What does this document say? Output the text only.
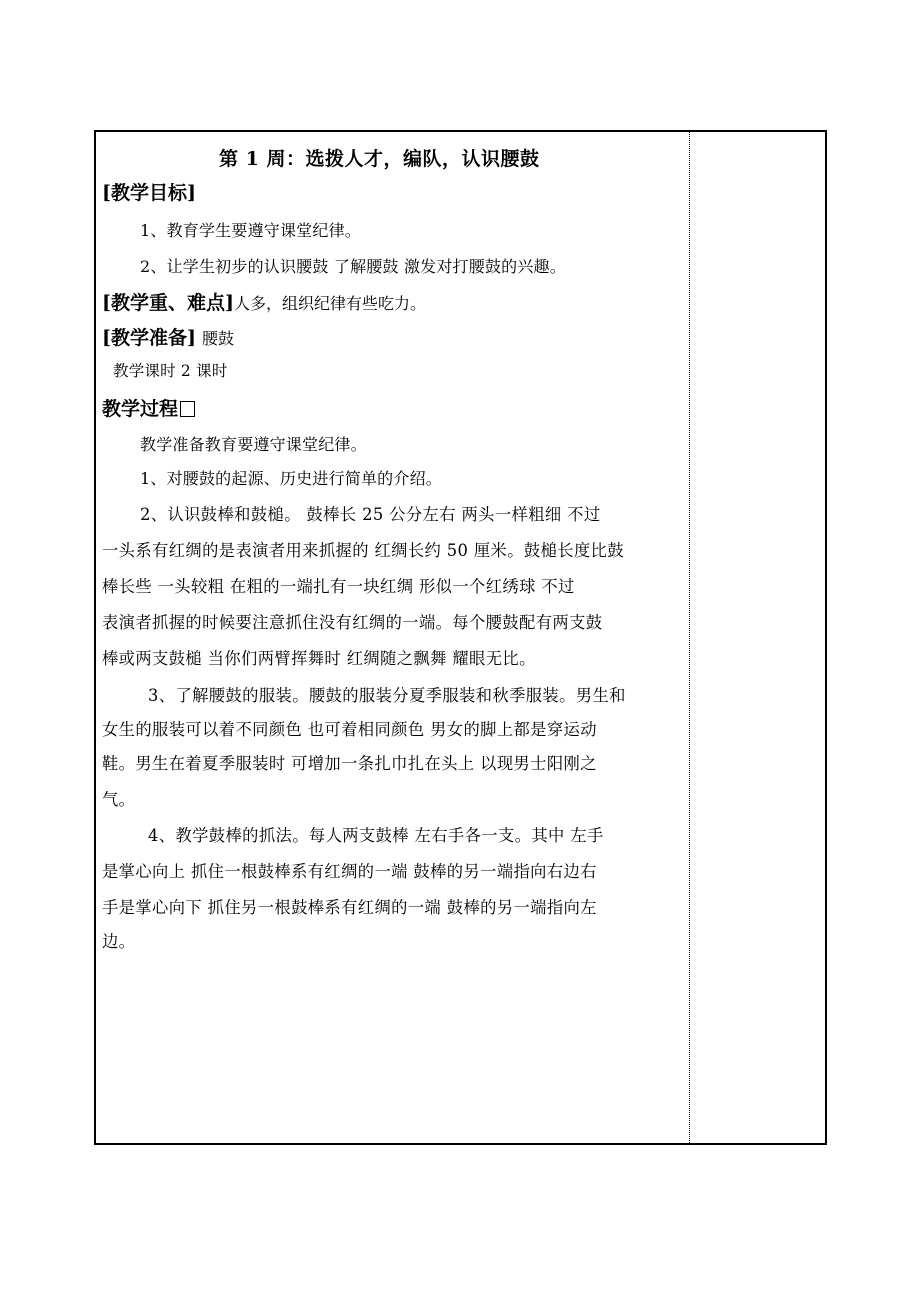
第 1 周：选拨人才，编队，认识腰鼓
[教学目标]
1、教育学生要遵守课堂纪律。
2、让学生初步的认识腰鼓 了解腰鼓 激发对打腰鼓的兴趣。
[教学重、难点]人多，组织纪律有些吃力。
[教学准备] 腰鼓
教学课时 2 课时
教学过程
教学准备教育要遵守课堂纪律。
1、对腰鼓的起源、历史进行简单的介绍。
2、认识鼓棒和鼓槌。 鼓棒长 25 公分左右 两头一样粗细 不过
一头系有红绸的是表演者用来抓握的 红绸长约 50 厘米。鼓槌长度比鼓
棒长些 一头较粗 在粗的一端扎有一块红绸 形似一个红绣球 不过
表演者抓握的时候要注意抓住没有红绸的一端。每个腰鼓配有两支鼓
棒或两支鼓槌 当你们两臂挥舞时 红绸随之飘舞 耀眼无比。
3、了解腰鼓的服装。腰鼓的服装分夏季服装和秋季服装。男生和
女生的服装可以着不同颜色 也可着相同颜色 男女的脚上都是穿运动
鞋。男生在着夏季服装时 可增加一条扎巾扎在头上 以现男士阳刚之
气。
4、教学鼓棒的抓法。每人两支鼓棒 左右手各一支。其中 左手
是掌心向上 抓住一根鼓棒系有红绸的一端 鼓棒的另一端指向右边右
手是掌心向下 抓住另一根鼓棒系有红绸的一端 鼓棒的另一端指向左
边。
